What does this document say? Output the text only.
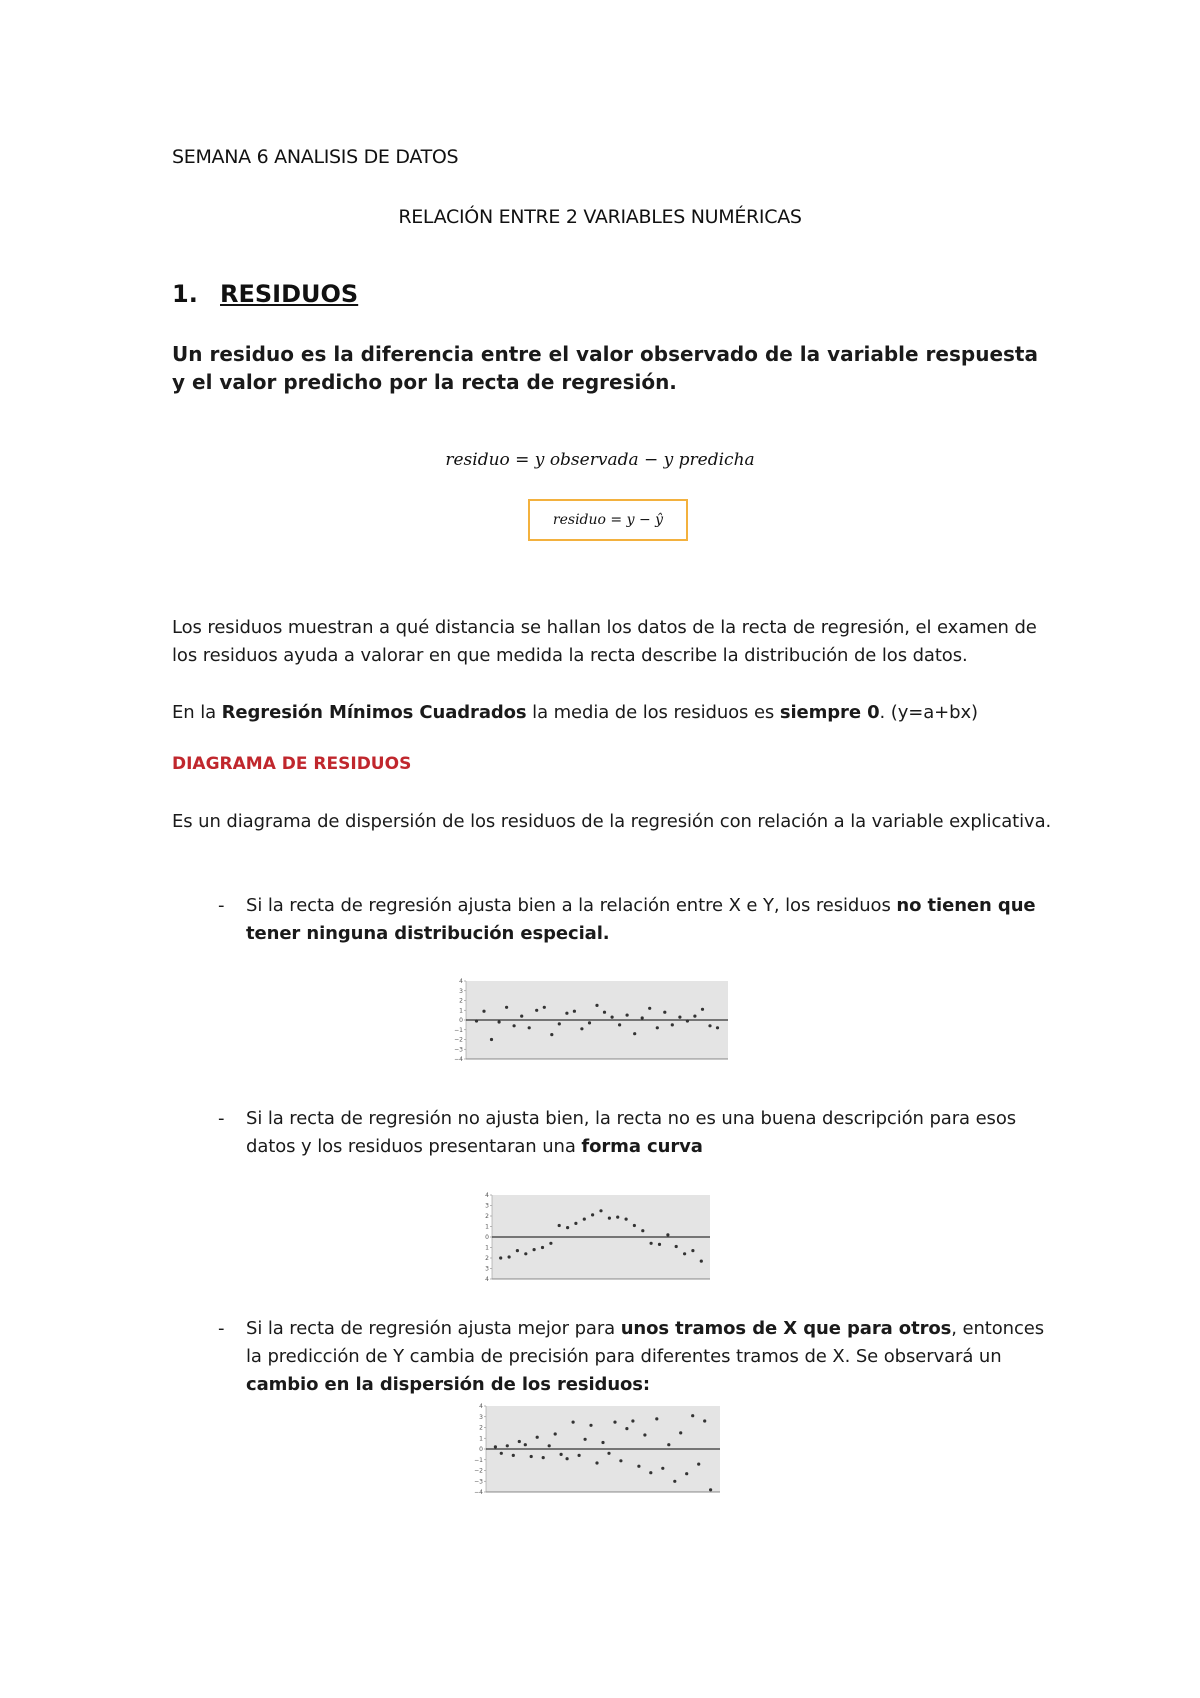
SEMANA 6 ANALISIS DE DATOS

RELACIÓN ENTRE 2 VARIABLES NUMÉRICAS

1. RESIDUOS

Un residuo es la diferencia entre el valor observado de la variable respuesta y el valor predicho por la recta de regresión.

residuo = y observada − y predicha
residuo = y − ŷ

Los residuos muestran a qué distancia se hallan los datos de la recta de regresión, el examen de los residuos ayuda a valorar en que medida la recta describe la distribución de los datos.

En la Regresión Mínimos Cuadrados la media de los residuos es siempre 0. (y=a+bx)

DIAGRAMA DE RESIDUOS

Es un diagrama de dispersión de los residuos de la regresión con relación a la variable explicativa.

-	Si la recta de regresión ajusta bien a la relación entre X e Y, los residuos no tienen que tener ninguna distribución especial.
4
3
2
1
0
−1
−2
−3
−4
-	Si la recta de regresión no ajusta bien, la recta no es una buena descripción para esos datos y los residuos presentaran una forma curva
4
3
2
1
0
1
2
3
4
-	Si la recta de regresión ajusta mejor para unos tramos de X que para otros, entonces la predicción de Y cambia de precisión para diferentes tramos de X. Se observará un cambio en la dispersión de los residuos:
4
3
2
1
0
−1
−2
−3
−4
